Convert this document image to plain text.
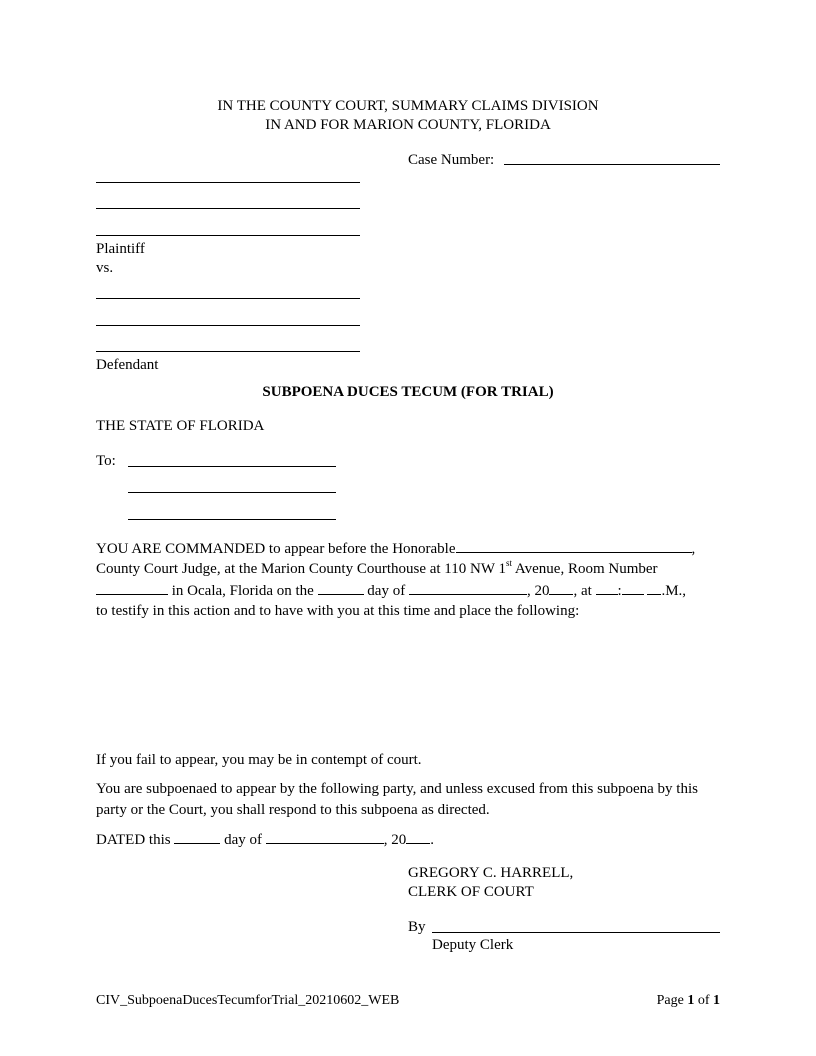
IN THE COUNTY COURT, SUMMARY CLAIMS DIVISION
IN AND FOR MARION COUNTY, FLORIDA
Case Number:
Plaintiff
vs.
Defendant
SUBPOENA DUCES TECUM (FOR TRIAL)
THE STATE OF FLORIDA
To:
YOU ARE COMMANDED to appear before the Honorable	,
County Court Judge, at the Marion County Courthouse at 110 NW 1st Avenue, Room Number
in Ocala, Florida on the	day of	, 20 , at :	.M.,
to testify in this action and to have with you at this time and place the following:
If you fail to appear, you may be in contempt of court.
You are subpoenaed to appear by the following party, and unless excused from this subpoena by this party or the Court, you shall respond to this subpoena as directed.
DATED this	day of	, 20 .
GREGORY C. HARRELL,
CLERK OF COURT
By
Deputy Clerk
CIV_SubpoenaDucesTecumforTrial_20210602_WEB	Page 1 of 1
